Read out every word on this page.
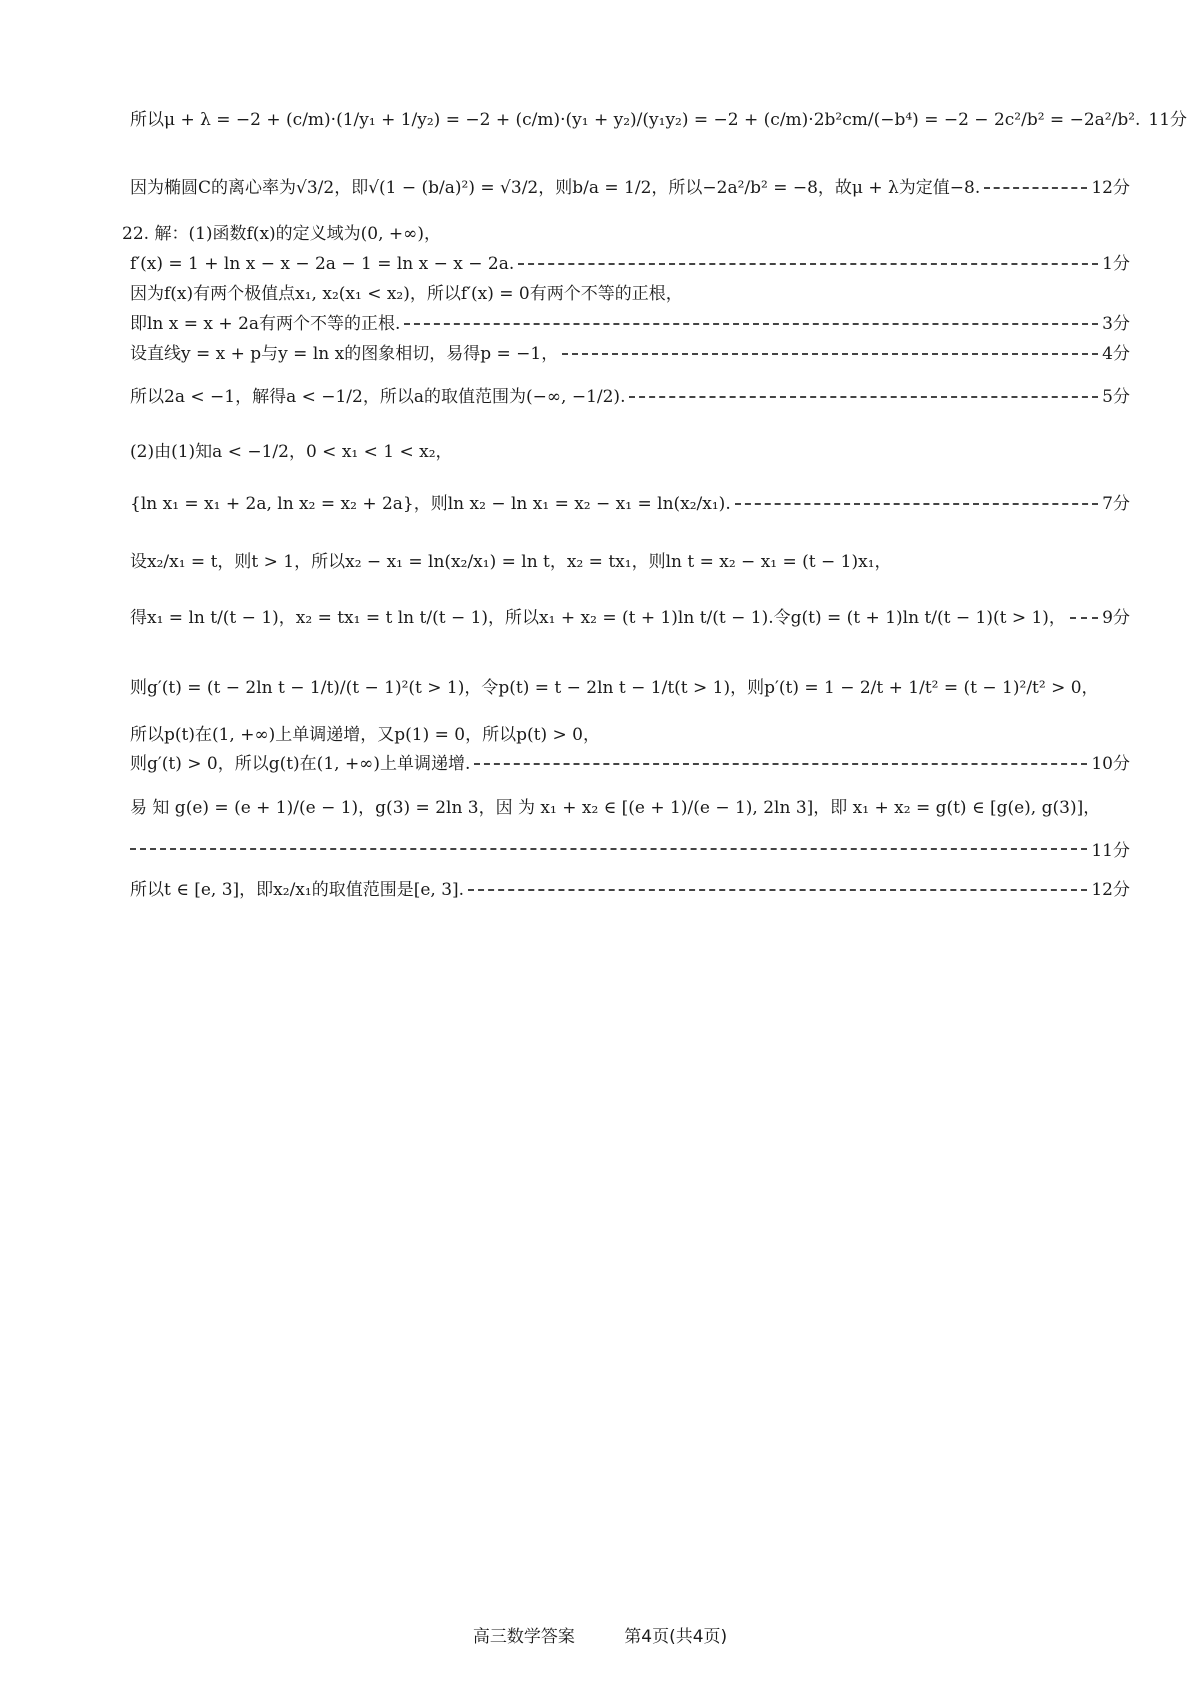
所以μ + λ = −2 + (c/m)·(1/y₁ + 1/y₂) = −2 + (c/m)·(y₁ + y₂)/(y₁y₂) = −2 + (c/m)·2b²cm/(−b⁴) = −2 − 2c²/b² = −2a²/b². 11分
因为椭圆C的离心率为√3/2，即√(1 − (b/a)²) = √3/2，则b/a = 1/2，所以−2a²/b² = −8，故μ + λ为定值−8.	12分
22. 解：(1)函数f(x)的定义域为(0, +∞)，
f′(x) = 1 + ln x − x − 2a − 1 = ln x − x − 2a.	1分
因为f(x)有两个极值点x₁, x₂(x₁ < x₂)，所以f′(x) = 0有两个不等的正根，
即ln x = x + 2a有两个不等的正根.	3分
设直线y = x + p与y = ln x的图象相切，易得p = −1，	4分
所以2a < −1，解得a < −1/2，所以a的取值范围为(−∞, −1/2).	5分
(2)由(1)知a < −1/2，0 < x₁ < 1 < x₂，
{ln x₁ = x₁ + 2a, ln x₂ = x₂ + 2a}，则ln x₂ − ln x₁ = x₂ − x₁ = ln(x₂/x₁).	7分
设x₂/x₁ = t，则t > 1，所以x₂ − x₁ = ln(x₂/x₁) = ln t，x₂ = tx₁，则ln t = x₂ − x₁ = (t − 1)x₁，
得x₁ = ln t/(t − 1)，x₂ = tx₁ = t ln t/(t − 1)，所以x₁ + x₂ = (t + 1)ln t/(t − 1).令g(t) = (t + 1)ln t/(t − 1)(t > 1)， 9分
则g′(t) = (t − 2ln t − 1/t)/(t − 1)²(t > 1)，令p(t) = t − 2ln t − 1/t(t > 1)，则p′(t) = 1 − 2/t + 1/t² = (t − 1)²/t² > 0，
所以p(t)在(1, +∞)上单调递增，又p(1) = 0，所以p(t) > 0，
则g′(t) > 0，所以g(t)在(1, +∞)上单调递增.	10分
易 知 g(e) = (e + 1)/(e − 1)，g(3) = 2ln 3，因 为 x₁ + x₂ ∈ [(e + 1)/(e − 1), 2ln 3]，即 x₁ + x₂ = g(t) ∈ [g(e), g(3)]，
11分
所以t ∈ [e, 3]，即x₂/x₁的取值范围是[e, 3].	12分
高三数学答案	第4页(共4页)
